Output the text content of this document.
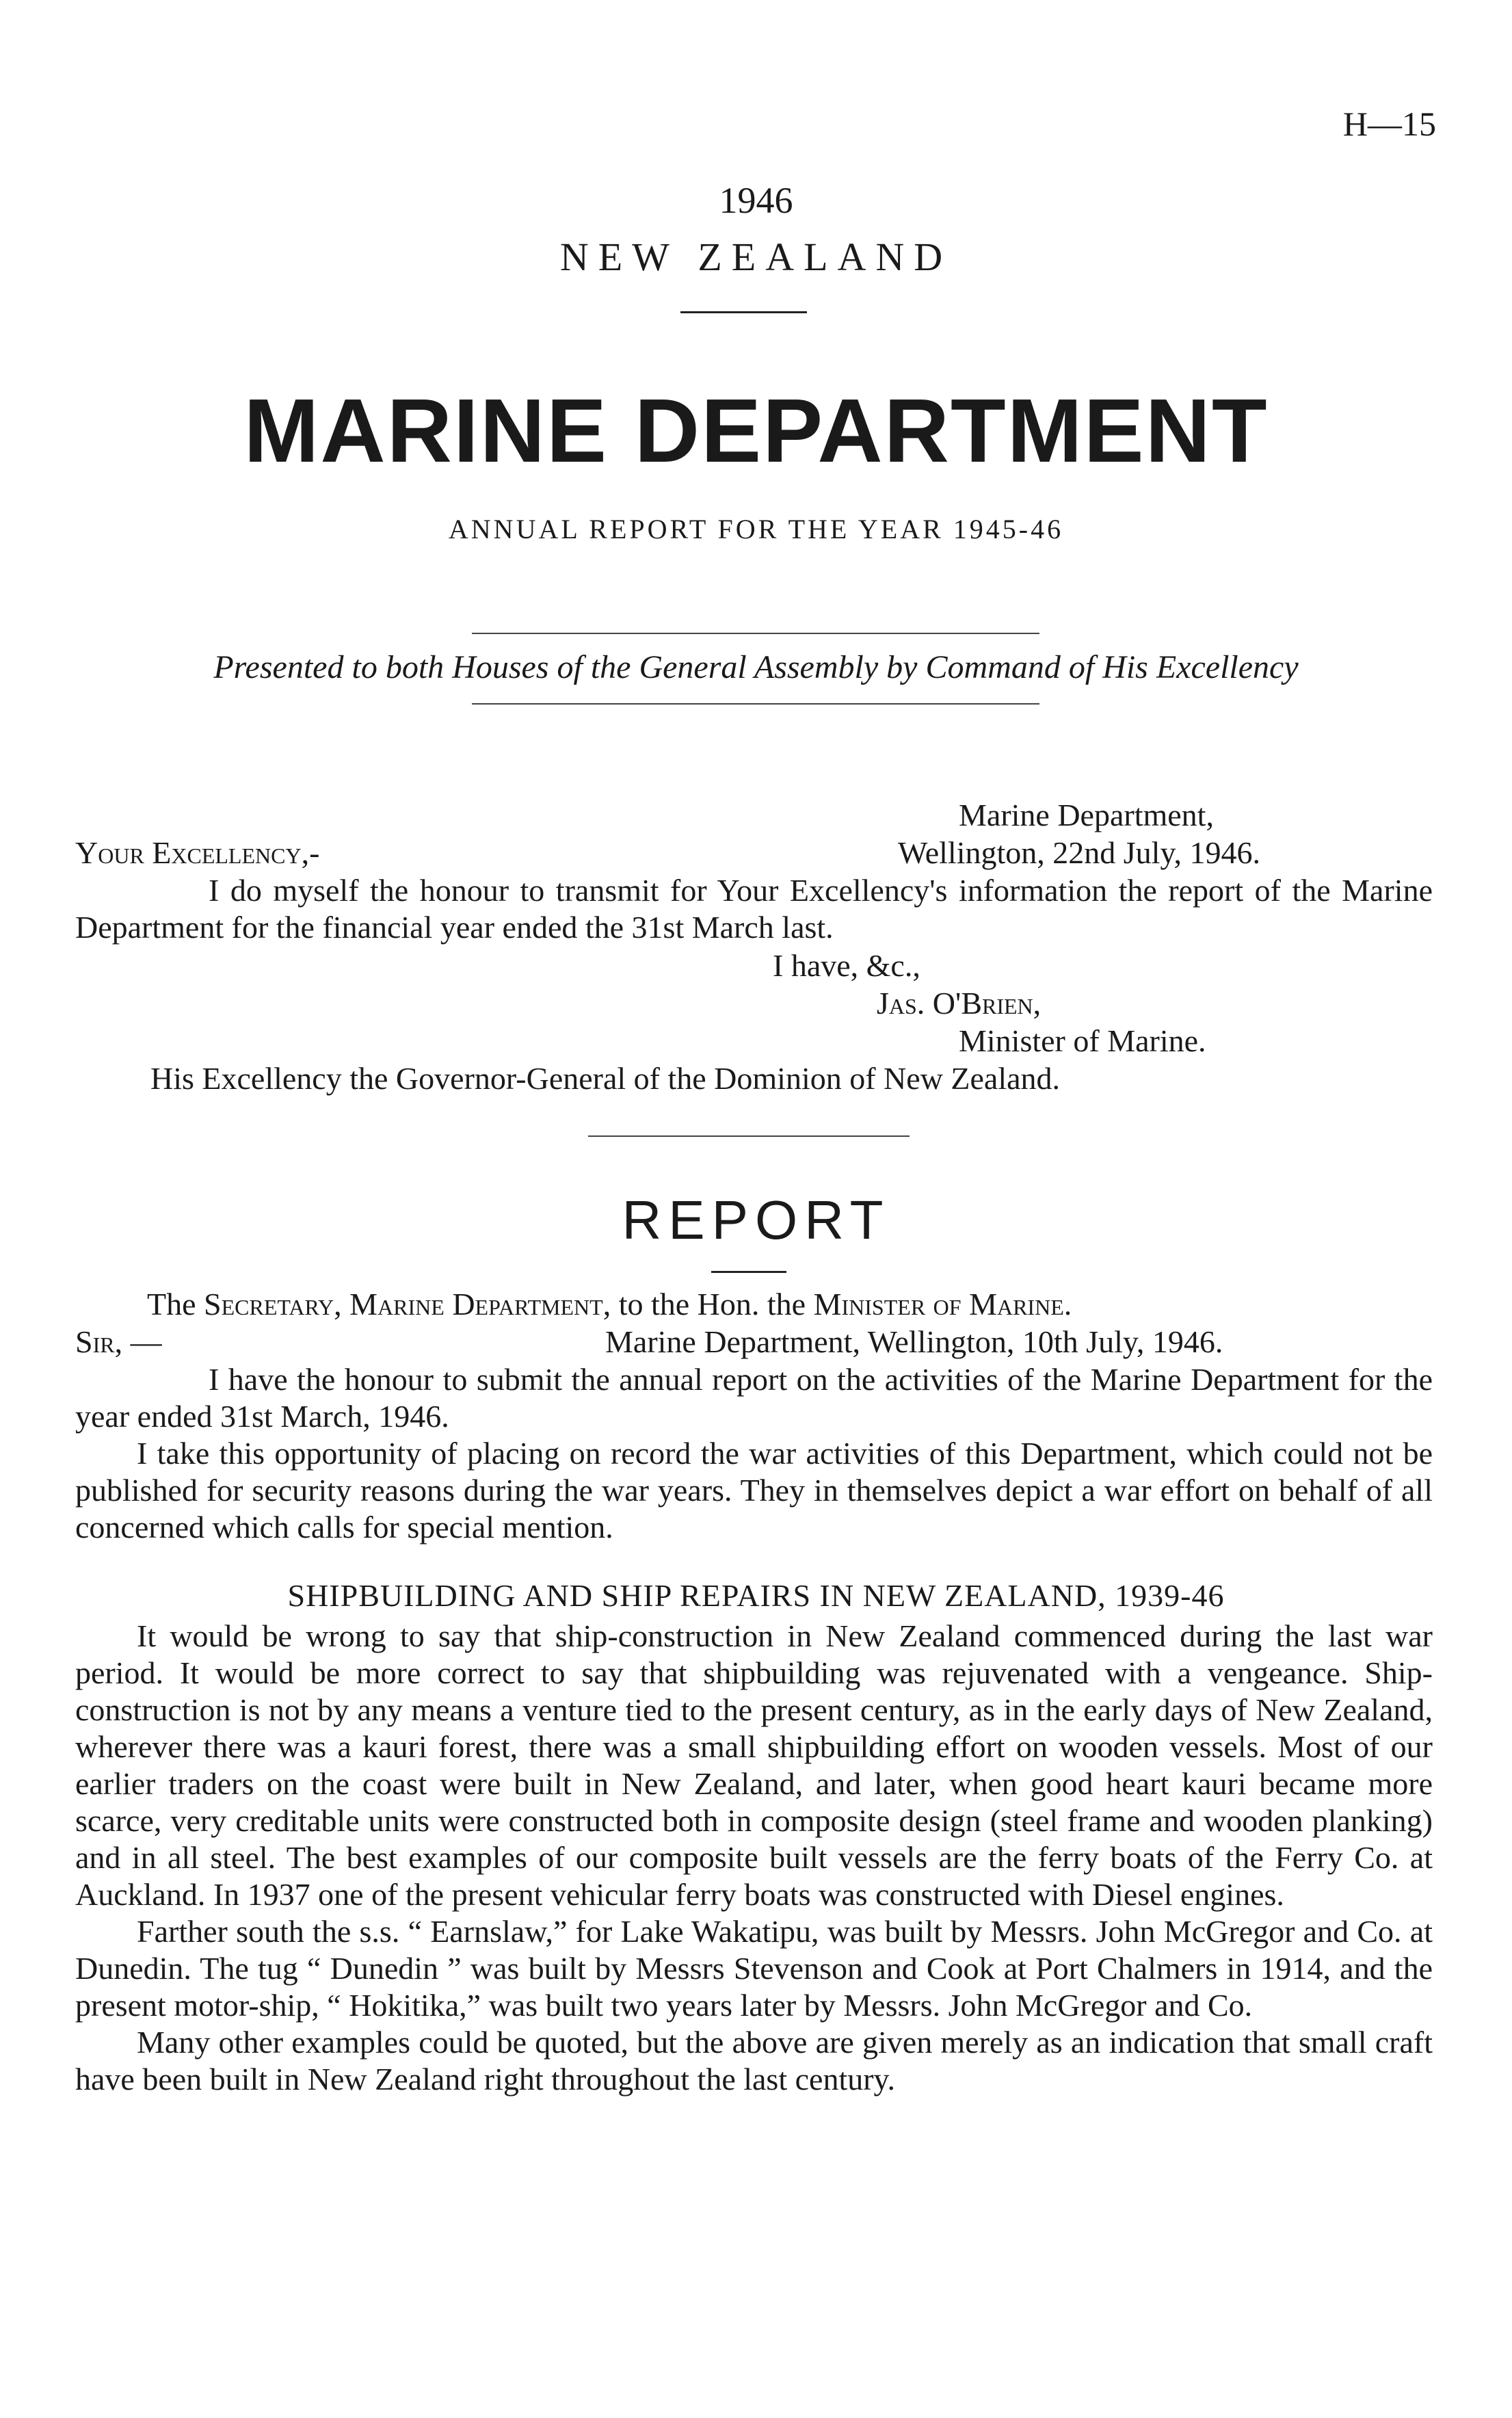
H—15
1946
NEW ZEALAND
MARINE DEPARTMENT
ANNUAL REPORT FOR THE YEAR 1945-46
Presented to both Houses of the General Assembly by Command of His Excellency
Marine Department,
Your Excellency,-	Wellington, 22nd July, 1946.

I do myself the honour to transmit for Your Excellency's information the report of the Marine Department for the financial year ended the 31st March last.

I have, &c.,
Jas. O'Brien,
Minister of Marine.
His Excellency the Governor-General of the Dominion of New Zealand.
REPORT
The Secretary, Marine Department, to the Hon. the Minister of Marine.
Sir, —	Marine Department, Wellington, 10th July, 1946.

I have the honour to submit the annual report on the activities of the Marine Department for the year ended 31st March, 1946.

I take this opportunity of placing on record the war activities of this Department, which could not be published for security reasons during the war years. They in themselves depict a war effort on behalf of all concerned which calls for special mention.

SHIPBUILDING AND SHIP REPAIRS IN NEW ZEALAND, 1939-46

It would be wrong to say that ship-construction in New Zealand commenced during the last war period. It would be more correct to say that shipbuilding was rejuvenated with a vengeance. Ship-construction is not by any means a venture tied to the present century, as in the early days of New Zealand, wherever there was a kauri forest, there was a small shipbuilding effort on wooden vessels. Most of our earlier traders on the coast were built in New Zealand, and later, when good heart kauri became more scarce, very creditable units were constructed both in composite design (steel frame and wooden planking) and in all steel. The best examples of our composite built vessels are the ferry boats of the Ferry Co. at Auckland. In 1937 one of the present vehicular ferry boats was constructed with Diesel engines.

Farther south the s.s. “ Earnslaw,” for Lake Wakatipu, was built by Messrs. John McGregor and Co. at Dunedin. The tug “ Dunedin ” was built by Messrs Stevenson and Cook at Port Chalmers in 1914, and the present motor-ship, “ Hokitika,” was built two years later by Messrs. John McGregor and Co.

Many other examples could be quoted, but the above are given merely as an indication that small craft have been built in New Zealand right throughout the last century.
